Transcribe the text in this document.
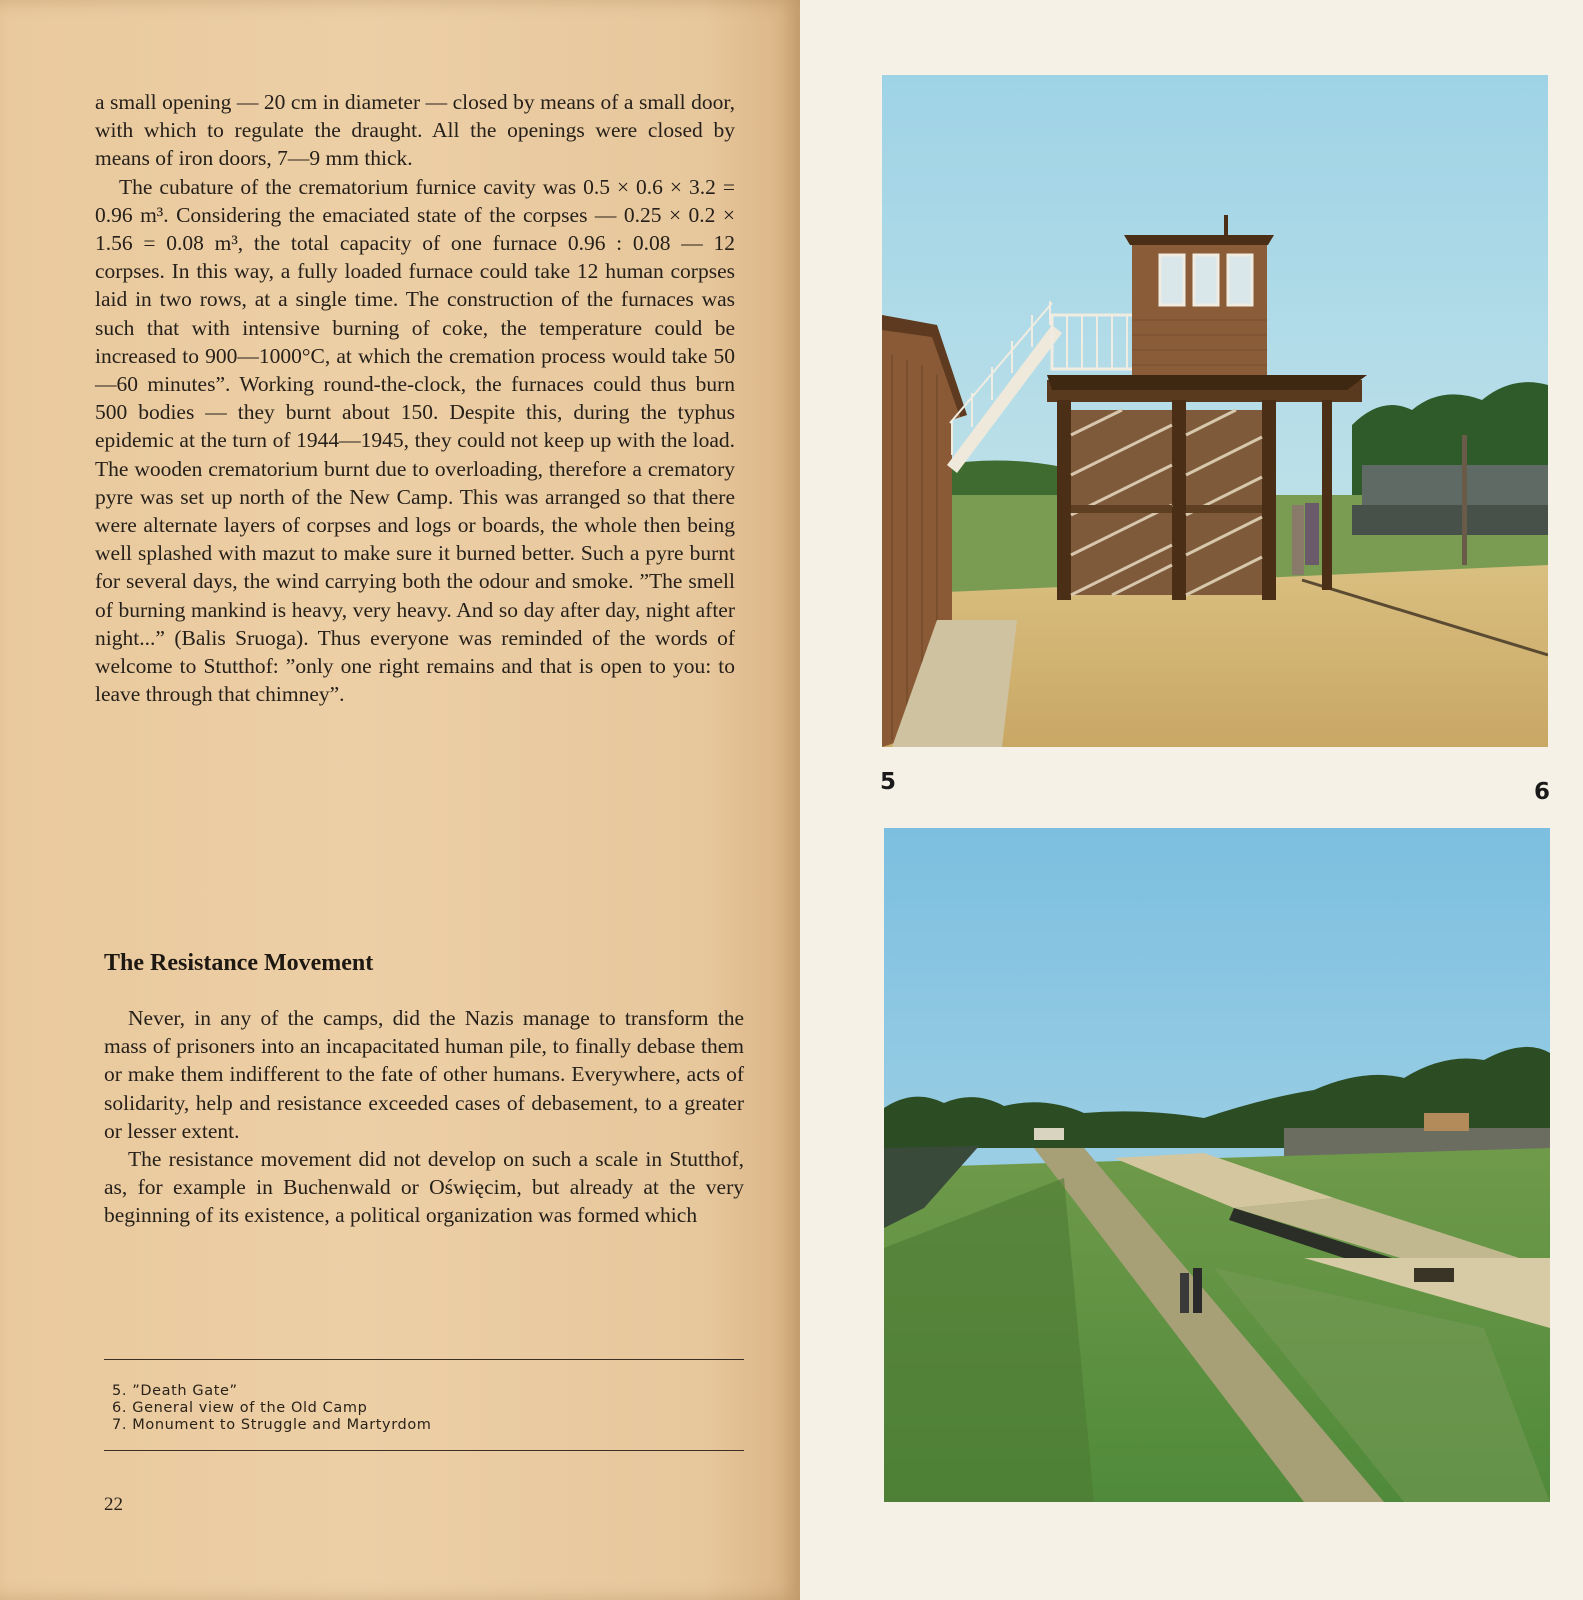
a small opening — 20 cm in diameter — closed by means of a small door, with which to regulate the draught. All the openings were closed by means of iron doors, 7—9 mm thick.

The cubature of the crematorium furnice cavity was 0.5 × 0.6 × 3.2 = 0.96 m³. Considering the emaciated state of the corpses — 0.25 × 0.2 × 1.56 = 0.08 m³, the total capacity of one furnace 0.96 : 0.08 — 12 corpses. In this way, a fully loaded furnace could take 12 human corpses laid in two rows, at a single time. The construction of the furnaces was such that with intensive burning of coke, the temperature could be increased to 900—1000°C, at which the cremation process would take 50—60 minutes”. Working round-the-clock, the furnaces could thus burn 500 bodies — they burnt about 150. Despite this, during the typhus epidemic at the turn of 1944—1945, they could not keep up with the load. The wooden crematorium burnt due to overloading, therefore a crematory pyre was set up north of the New Camp. This was arranged so that there were alternate layers of corpses and logs or boards, the whole then being well splashed with mazut to make sure it burned better. Such a pyre burnt for several days, the wind carrying both the odour and smoke. ”The smell of burning mankind is heavy, very heavy. And so day after day, night after night...” (Balis Sruoga). Thus everyone was reminded of the words of welcome to Stutthof: ”only one right remains and that is open to you: to leave through that chimney”.

The Resistance Movement

Never, in any of the camps, did the Nazis manage to transform the mass of prisoners into an incapacitated human pile, to finally debase them or make them indifferent to the fate of other humans. Everywhere, acts of solidarity, help and resistance exceeded cases of debasement, to a greater or lesser extent.

The resistance movement did not develop on such a scale in Stutthof, as, for example in Buchenwald or Oświęcim, but already at the very beginning of its existence, a political organization was formed which

5. ”Death Gate”
6. General view of the Old Camp
7. Monument to Struggle and Martyrdom
22
5	6
